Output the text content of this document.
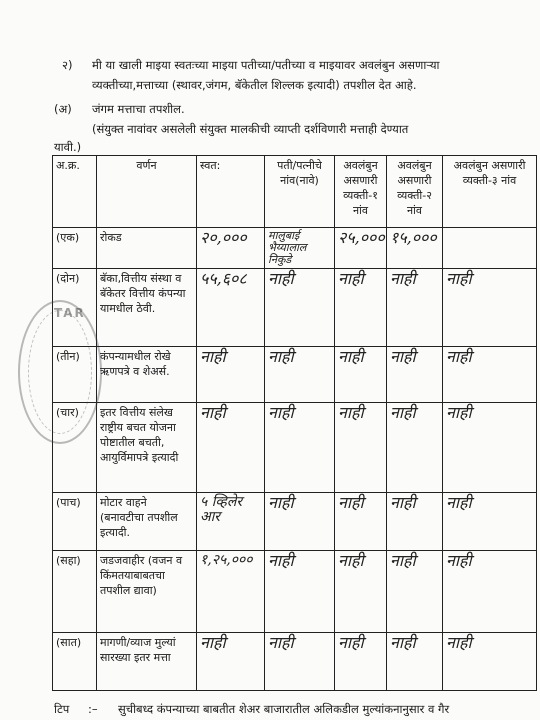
२) मी या खाली माइया स्वतःच्या माइया पतीच्या/पतीच्या व माइयावर अवलंबुन असणाऱ्या
व्यक्तीच्या,मत्ताच्या (स्थावर,जंगम, बॅकेतील शिल्लक इत्यादी) तपशील देत आहे.
(अ) जंगम मत्ताचा तपशील.
(संयुक्त नावांवर असलेली संयुक्त मालकीची व्याप्ती दर्शविणारी मत्ताही देण्यात
यावी.)
अ.क्र.	वर्णन	स्वत:	पती/पत्नीचे नांव(नावे)	अवलंबुन असणारी व्यक्ती-१ नांव	अवलंबुन असणारी व्यक्ती-२ नांव	अवलंबुन असणारी व्यक्ती-३ नांव
(एक)	रोकड	२०,०००	मालुबाई भैय्यालाल निकुडे	२५,०००	१५,०००	
(दोन)	बॅका,वित्तीय संस्था व बॅकेतर वित्तीय कंपन्या यामधील ठेवी.	५५,६०८	नाही	नाही	नाही	नाही
(तीन)	कंपन्यामधील रोखे ऋणपत्रे व शेअर्स.	नाही	नाही	नाही	नाही	नाही
(चार)	इतर वित्तीय संलेख राष्ट्रीय बचत योजना पोष्टातील बचती, आयुर्विमापत्रे इत्यादी	नाही	नाही	नाही	नाही	नाही
(पाच)	मोटार वाहने (बनावटीचा तपशील इत्यादी.	५ व्हिलेर आर	नाही	नाही	नाही	नाही
(सहा)	जडजवाहीर (वजन व किंमतयाबाबतचा तपशील द्यावा)	१,२५,०००	नाही	नाही	नाही	नाही
(सात)	मागणी/व्याज मुल्यां सारख्या इतर मत्ता	नाही	नाही	नाही	नाही	नाही
TAR
टिप :– सुचीबध्द कंपन्याच्या बाबतीत शेअर बाजारातील अलिकडील मुल्यांकनानुसार व गैर
